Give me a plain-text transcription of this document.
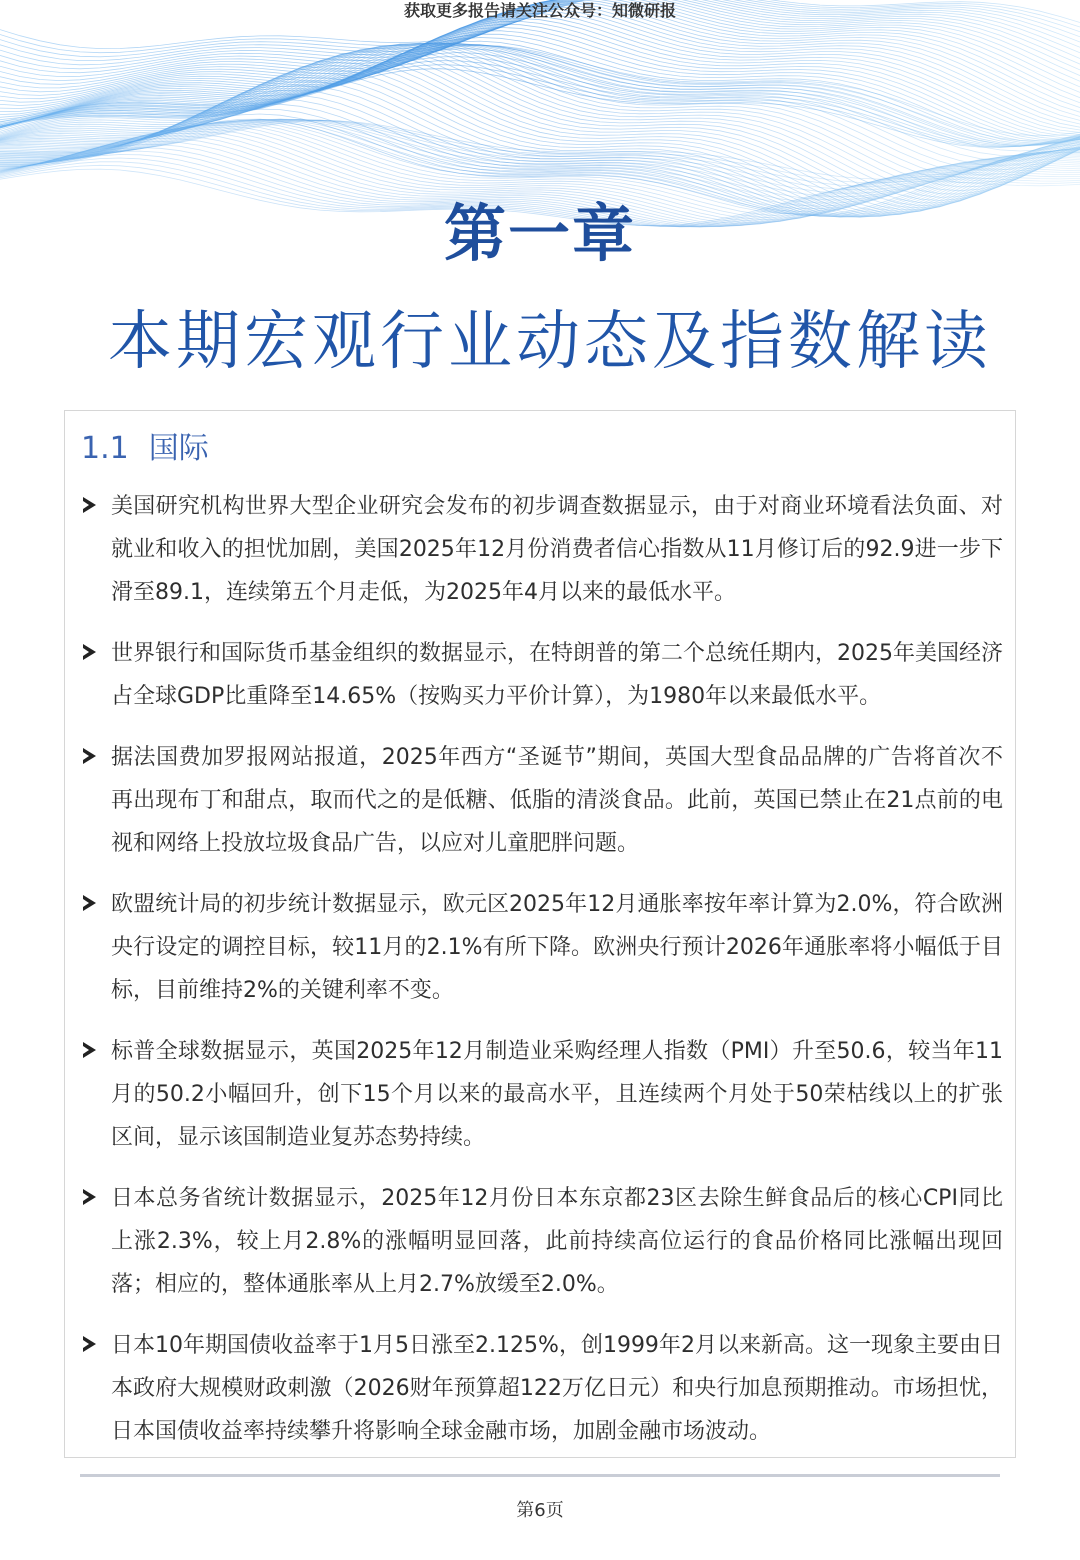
获取更多报告请关注公众号：知微研报
第一章
本期宏观行业动态及指数解读
1.1 国际
美国研究机构世界大型企业研究会发布的初步调查数据显示，由于对商业环境看法负面、对就业和收入的担忧加剧，美国2025年12月份消费者信心指数从11月修订后的92.9进一步下滑至89.1，连续第五个月走低，为2025年4月以来的最低水平。
世界银行和国际货币基金组织的数据显示，在特朗普的第二个总统任期内，2025年美国经济占全球GDP比重降至14.65%（按购买力平价计算），为1980年以来最低水平。
据法国费加罗报网站报道，2025年西方“圣诞节”期间，英国大型食品品牌的广告将首次不再出现布丁和甜点，取而代之的是低糖、低脂的清淡食品。此前，英国已禁止在21点前的电视和网络上投放垃圾食品广告，以应对儿童肥胖问题。
欧盟统计局的初步统计数据显示，欧元区2025年12月通胀率按年率计算为2.0%，符合欧洲央行设定的调控目标，较11月的2.1%有所下降。欧洲央行预计2026年通胀率将小幅低于目标，目前维持2%的关键利率不变。
标普全球数据显示，英国2025年12月制造业采购经理人指数（PMI）升至50.6，较当年11月的50.2小幅回升，创下15个月以来的最高水平，且连续两个月处于50荣枯线以上的扩张区间，显示该国制造业复苏态势持续。
日本总务省统计数据显示，2025年12月份日本东京都23区去除生鲜食品后的核心CPI同比上涨2.3%，较上月2.8%的涨幅明显回落，此前持续高位运行的食品价格同比涨幅出现回落；相应的，整体通胀率从上月2.7%放缓至2.0%。
日本10年期国债收益率于1月5日涨至2.125%，创1999年2月以来新高。这一现象主要由日本政府大规模财政刺激（2026财年预算超122万亿日元）和央行加息预期推动。市场担忧，日本国债收益率持续攀升将影响全球金融市场，加剧金融市场波动。
第6页
